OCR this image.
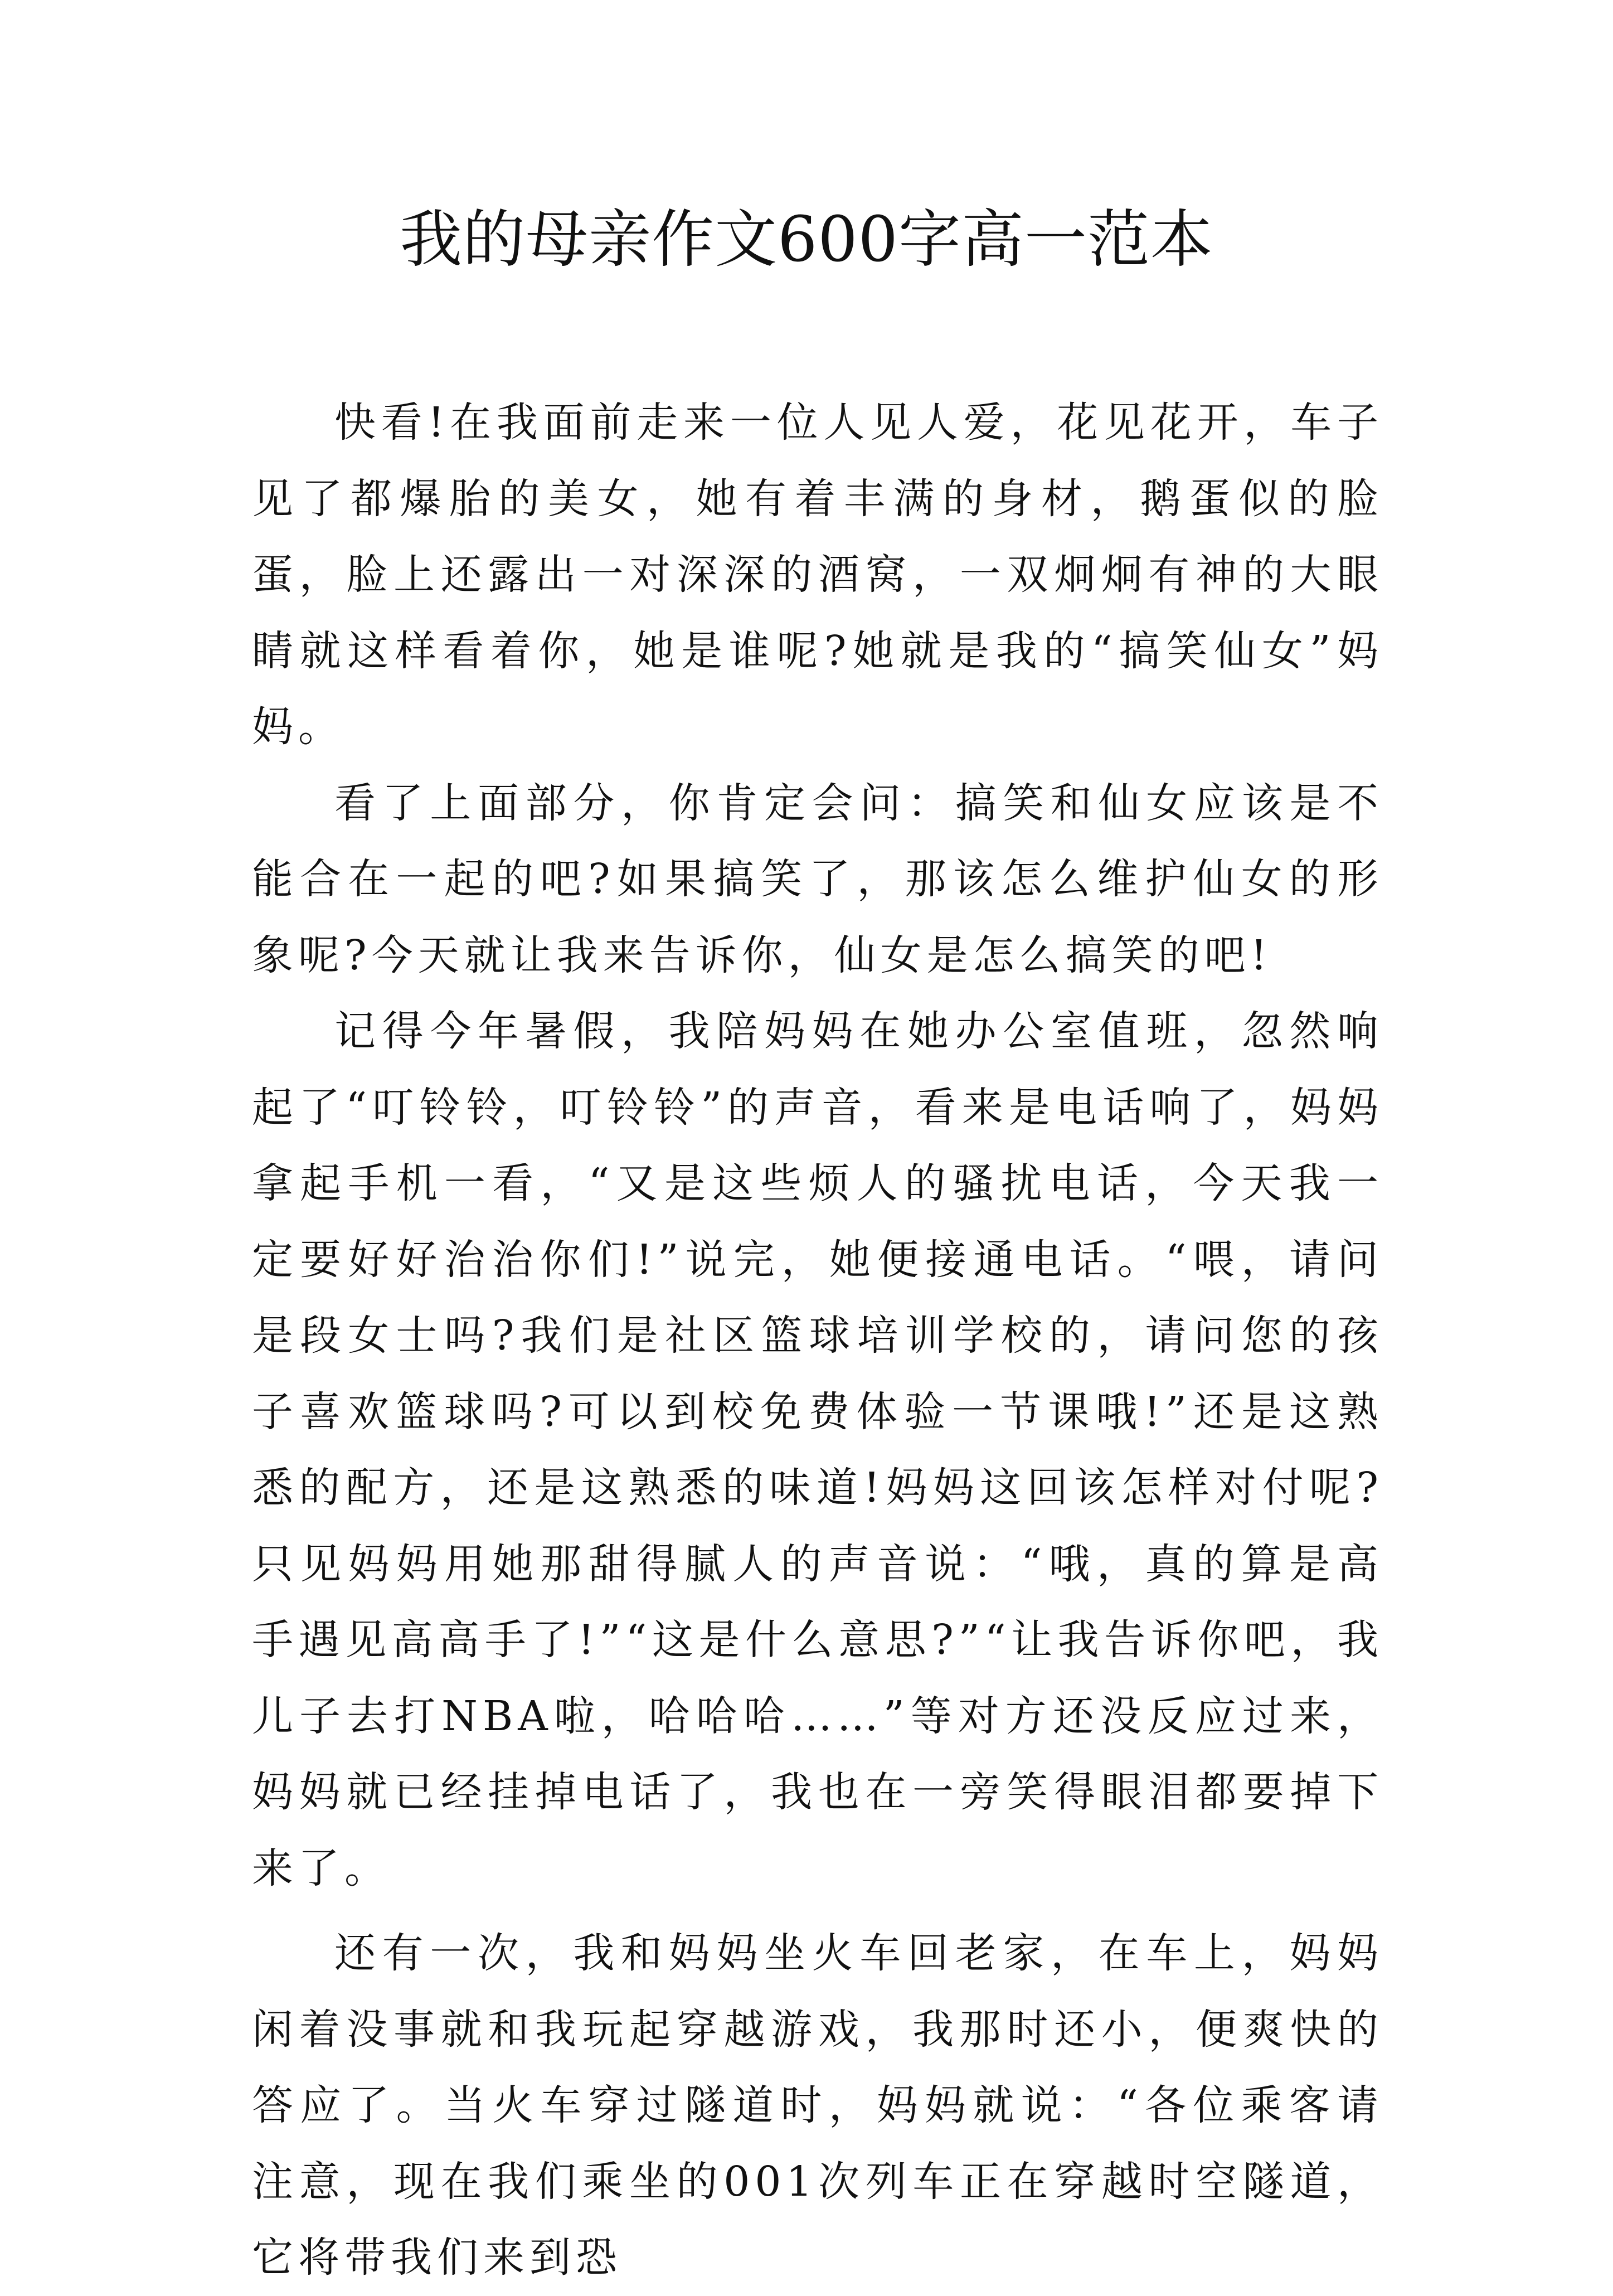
我的母亲作文600字高一范本

快看!在我面前走来一位人见人爱，花见花开，车子见了都爆胎的美女，她有着丰满的身材，鹅蛋似的脸蛋，脸上还露出一对深深的酒窝，一双炯炯有神的大眼睛就这样看着你，她是谁呢?她就是我的“搞笑仙女”妈妈。

看了上面部分，你肯定会问：搞笑和仙女应该是不能合在一起的吧?如果搞笑了，那该怎么维护仙女的形象呢?今天就让我来告诉你，仙女是怎么搞笑的吧!

记得今年暑假，我陪妈妈在她办公室值班，忽然响起了“叮铃铃，叮铃铃”的声音，看来是电话响了，妈妈拿起手机一看，“又是这些烦人的骚扰电话，今天我一定要好好治治你们!”说完，她便接通电话。“喂，请问是段女士吗?我们是社区篮球培训学校的，请问您的孩子喜欢篮球吗?可以到校免费体验一节课哦!”还是这熟悉的配方，还是这熟悉的味道!妈妈这回该怎样对付呢?只见妈妈用她那甜得腻人的声音说：“哦，真的算是高手遇见高高手了!”“这是什么意思?”“让我告诉你吧，我儿子去打NBA啦，哈哈哈……”等对方还没反应过来，妈妈就已经挂掉电话了，我也在一旁笑得眼泪都要掉下来了。

还有一次，我和妈妈坐火车回老家，在车上，妈妈闲着没事就和我玩起穿越游戏，我那时还小，便爽快的答应了。当火车穿过隧道时，妈妈就说：“各位乘客请注意，现在我们乘坐的001次列车正在穿越时空隧道，它将带我们来到恐
